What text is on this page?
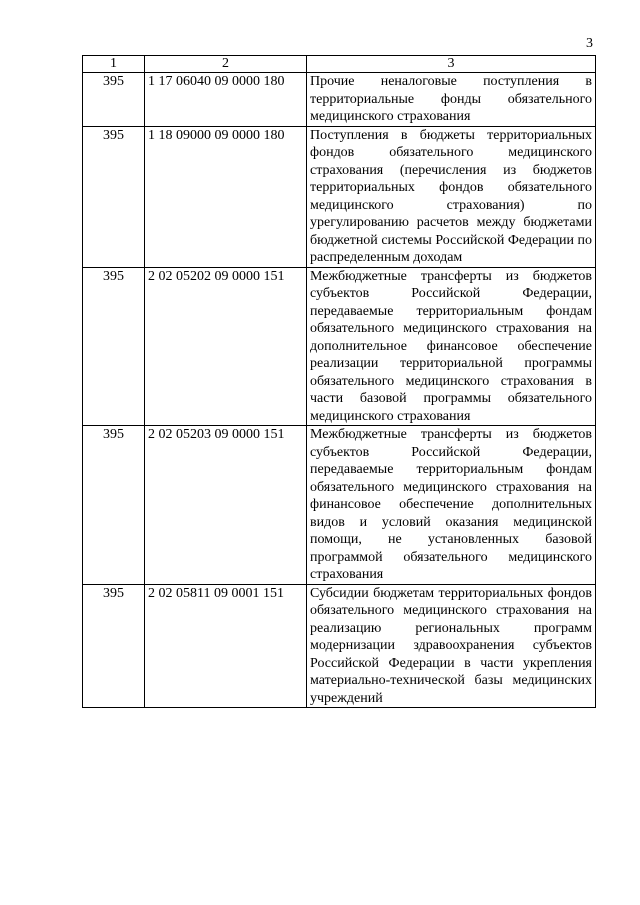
3
1	2	3
395	1 17 06040 09 0000 180	Прочие неналоговые поступления в территориальные фонды обязательного медицинского страхования
395	1 18 09000 09 0000 180	Поступления в бюджеты территориальных фондов обязательного медицинского страхования (перечисления из бюджетов территориальных фондов обязательного медицинского страхования) по урегулированию расчетов между бюджетами бюджетной системы Российской Федерации по распределенным доходам
395	2 02 05202 09 0000 151	Межбюджетные трансферты из бюджетов субъектов Российской Федерации, передаваемые территориальным фондам обязательного медицинского страхования на дополнительное финансовое обеспечение реализации территориальной программы обязательного медицинского страхования в части базовой программы обязательного медицинского страхования
395	2 02 05203 09 0000 151	Межбюджетные трансферты из бюджетов субъектов Российской Федерации, передаваемые территориальным фондам обязательного медицинского страхования на финансовое обеспечение дополнительных видов и условий оказания медицинской помощи, не установленных базовой программой обязательного медицинского страхования
395	2 02 05811 09 0001 151	Субсидии бюджетам территориальных фондов обязательного медицинского страхования на реализацию региональных программ модернизации здравоохранения субъектов Российской Федерации в части укрепления материально-технической базы медицинских учреждений
